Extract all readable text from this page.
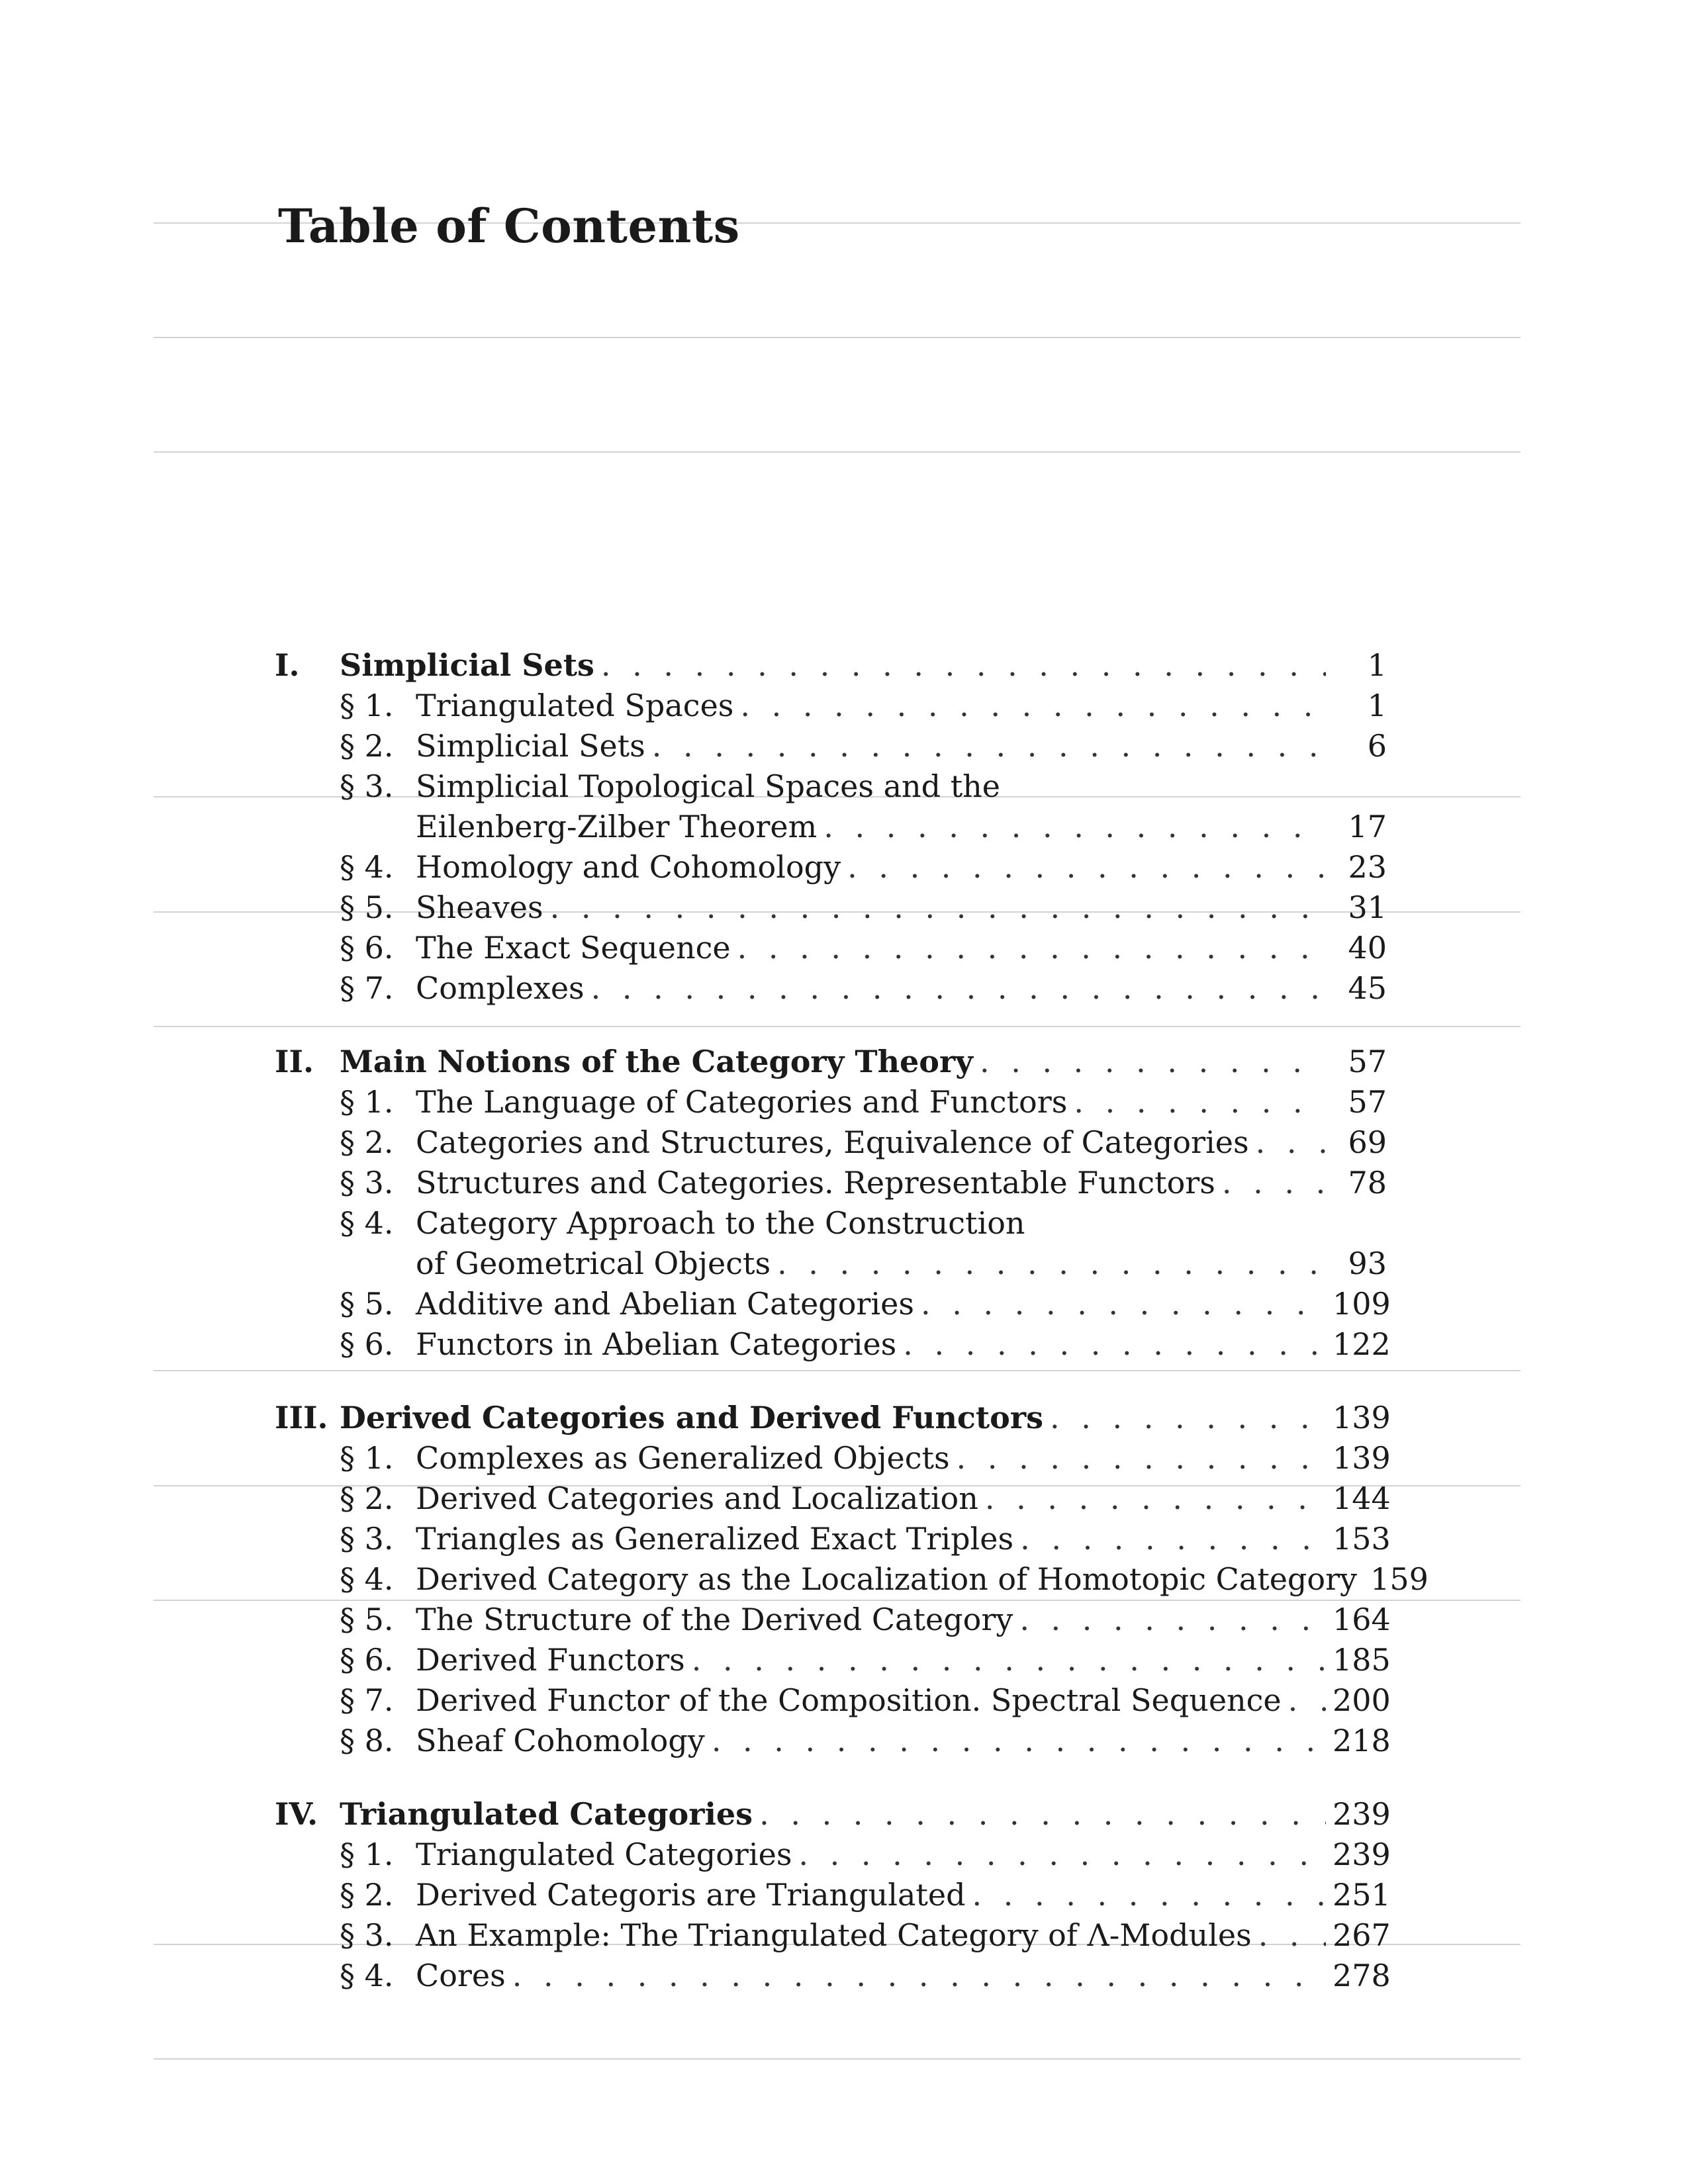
Table of Contents
I.	Simplicial Sets . . .	1
§ 1. Triangulated Spaces . . .	1
§ 2. Simplicial Sets . . .	6
§ 3. Simplicial Topological Spaces and the
Eilenberg-Zilber Theorem . . .	17
§ 4. Homology and Cohomology . . .	23
§ 5. Sheaves . . .	31
§ 6. The Exact Sequence . . .	40
§ 7. Complexes . . .	45
II. Main Notions of the Category Theory . . .	57
§ 1. The Language of Categories and Functors . . .	57
§ 2. Categories and Structures, Equivalence of Categories . . .	69
§ 3. Structures and Categories. Representable Functors . . .	78
§ 4. Category Approach to the Construction
of Geometrical Objects . . .	93
§ 5. Additive and Abelian Categories . . .	109
§ 6. Functors in Abelian Categories . . .	122
III. Derived Categories and Derived Functors . . .	139
§ 1. Complexes as Generalized Objects . . .	139
§ 2. Derived Categories and Localization . . .	144
§ 3. Triangles as Generalized Exact Triples . . .	153
§ 4. Derived Category as the Localization of Homotopic Category 159
§ 5. The Structure of the Derived Category . . .	164
§ 6. Derived Functors . . .	185
§ 7. Derived Functor of the Composition. Spectral Sequence . . . 200
§ 8. Sheaf Cohomology . . .	218
IV. Triangulated Categories . . .	239
§ 1. Triangulated Categories . . .	239
§ 2. Derived Categoris are Triangulated . . .	251
§ 3. An Example: The Triangulated Category of Λ-Modules . . .	267
§ 4. Cores . . .	278
